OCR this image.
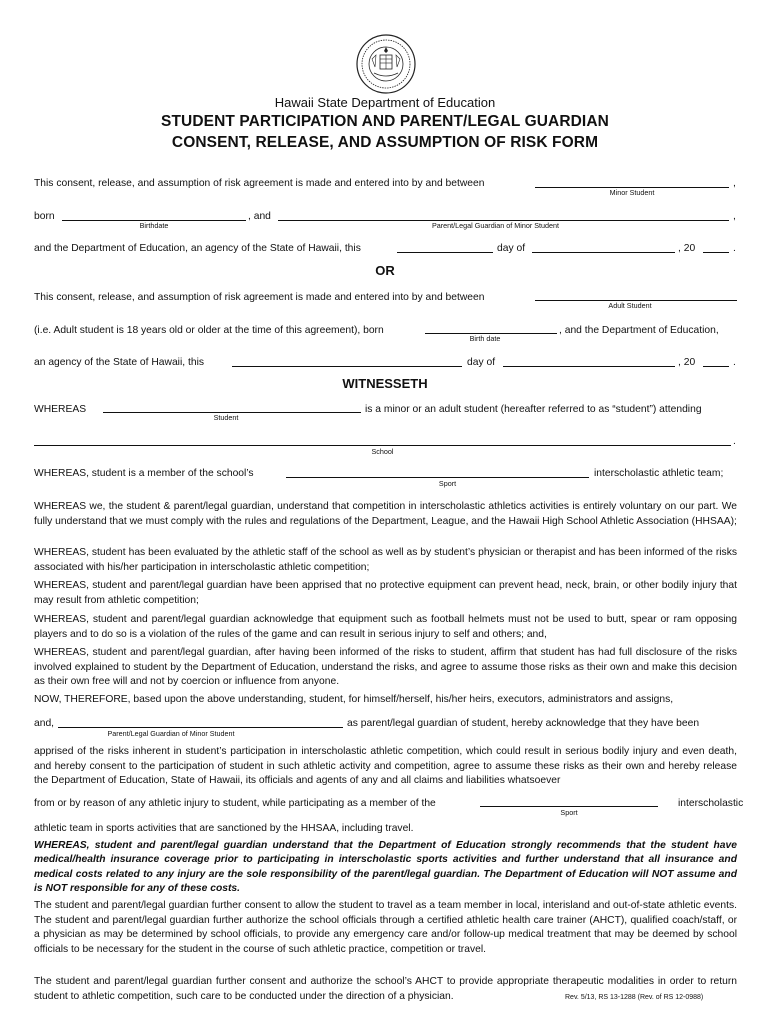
Hawaii State Department of Education
STUDENT PARTICIPATION AND PARENT/LEGAL GUARDIAN
CONSENT, RELEASE, AND ASSUMPTION OF RISK FORM
This consent, release, and assumption of risk agreement is made and entered into by and between	,
Minor Student
born
Birthdate
, and	,
Parent/Legal Guardian of Minor Student
and the Department of Education, an agency of the State of Hawaii, this	day of	, 20	.
OR
This consent, release, and assumption of risk agreement is made and entered into by and between
Adult Student
(i.e. Adult student is 18 years old or older at the time of this agreement), born
Birth date
, and the Department of Education,
an agency of the State of Hawaii, this	day of	, 20	.
WITNESSETH
WHEREAS
Student
is a minor or an adult student (hereafter referred to as “student”) attending
.
School
WHEREAS, student is a member of the school’s
Sport
interscholastic athletic team;
WHEREAS we, the student & parent/legal guardian, understand that competition in interscholastic athletics activities is entirely voluntary on our part. We fully understand that we must comply with the rules and regulations of the Department, League, and the Hawaii High School Athletic Association (HHSAA);
WHEREAS, student has been evaluated by the athletic staff of the school as well as by student’s physician or therapist and has been informed of the risks associated with his/her participation in interscholastic athletic competition;
WHEREAS, student and parent/legal guardian have been apprised that no protective equipment can prevent head, neck, brain, or other bodily injury that may result from athletic competition;
WHEREAS, student and parent/legal guardian acknowledge that equipment such as football helmets must not be used to butt, spear or ram opposing players and to do so is a violation of the rules of the game and can result in serious injury to self and others; and,
WHEREAS, student and parent/legal guardian, after having been informed of the risks to student, affirm that student has had full disclosure of the risks involved explained to student by the Department of Education, understand the risks, and agree to assume those risks as their own and make this decision as their own free will and not by coercion or influence from anyone.
NOW, THEREFORE, based upon the above understanding, student, for himself/herself, his/her heirs, executors, administrators and assigns,
and,
Parent/Legal Guardian of Minor Student
as parent/legal guardian of student, hereby acknowledge that they have been
apprised of the risks inherent in student’s participation in interscholastic athletic competition, which could result in serious bodily injury and even death, and hereby consent to the participation of student in such athletic activity and competition, agree to assume these risks as their own and hereby release the Department of Education, State of Hawaii, its officials and agents of any and all claims and liabilities whatsoever
from or by reason of any athletic injury to student, while participating as a member of the
Sport
interscholastic
athletic team in sports activities that are sanctioned by the HHSAA, including travel.
WHEREAS, student and parent/legal guardian understand that the Department of Education strongly recommends that the student have medical/health insurance coverage prior to participating in interscholastic sports activities and further understand that all insurance and medical costs related to any injury are the sole responsibility of the parent/legal guardian. The Department of Education will NOT assume and is NOT responsible for any of these costs.
The student and parent/legal guardian further consent to allow the student to travel as a team member in local, interisland and out-of-state athletic events. The student and parent/legal guardian further authorize the school officials through a certified athletic health care trainer (AHCT), qualified coach/staff, or a physician as may be determined by school officials, to provide any emergency care and/or follow-up medical treatment that may be deemed by school officials to be necessary for the student in the course of such athletic practice, competition or travel.
The student and parent/legal guardian further consent and authorize the school’s AHCT to provide appropriate therapeutic modalities in order to return student to athletic competition, such care to be conducted under the direction of a physician.	Rev. 5/13, RS 13-1288 (Rev. of RS 12-0988)
